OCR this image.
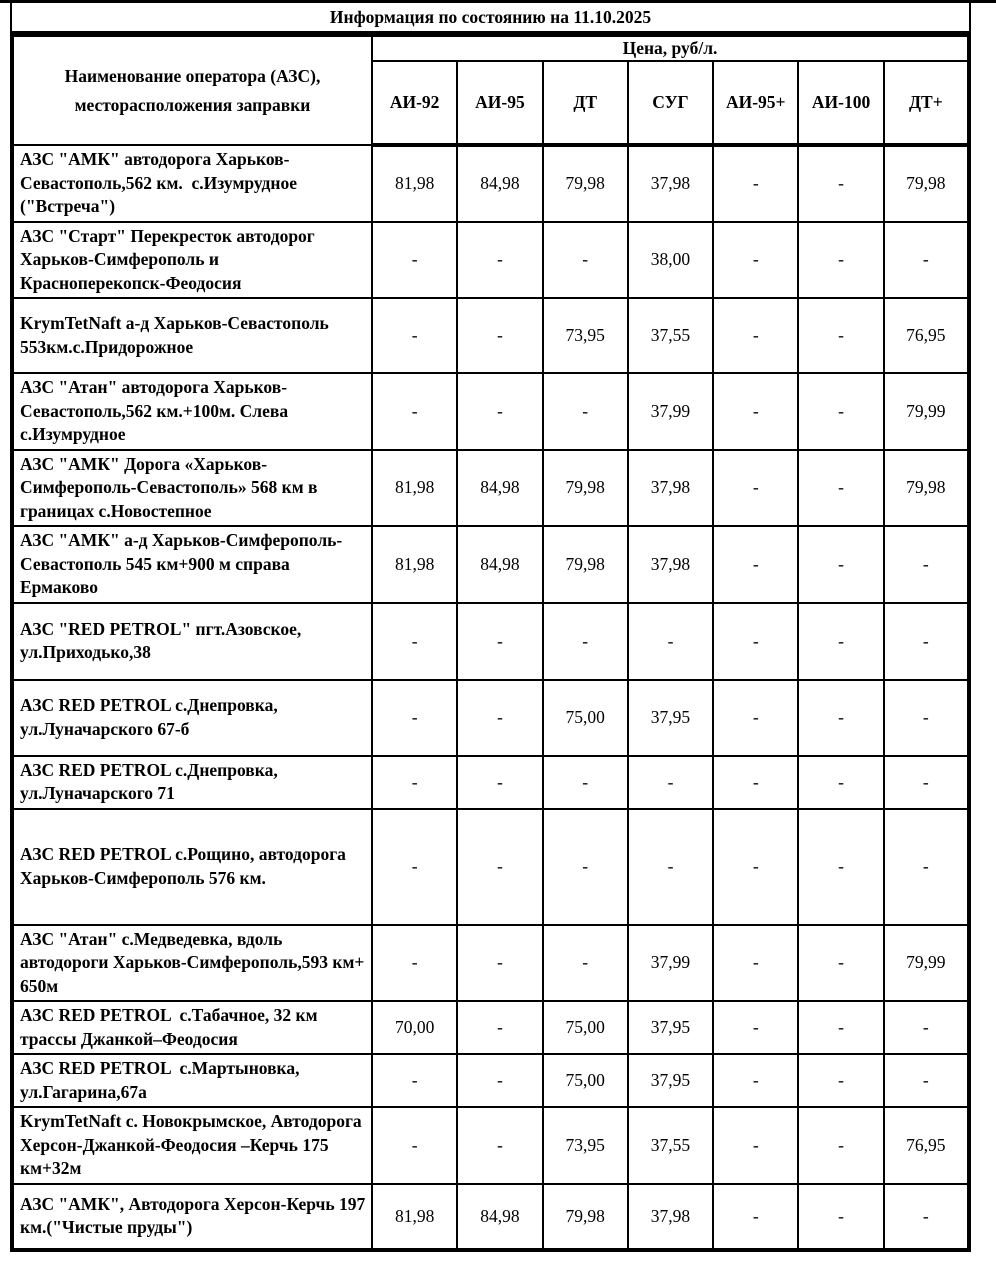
Информация по состоянию на 11.10.2025
Наименование оператора (АЗС), месторасположения заправки	Цена, руб/л.						
	АИ-92	АИ-95	ДТ	СУГ	АИ-95+	АИ-100	ДТ+
АЗС "АМК" автодорога Харьков-Севастополь,562 км.  с.Изумрудное ("Встреча")	81,98	84,98	79,98	37,98	-	-	79,98
АЗС "Старт" Перекресток автодорог Харьков-Симферополь и Красноперекопск-Феодосия	-	-	-	38,00	-	-	-
KrymTetNaft а-д Харьков-Севастополь 553км.с.Придорожное	-	-	73,95	37,55	-	-	76,95
АЗС "Атан" автодорога Харьков-Севастополь,562 км.+100м. Слева с.Изумрудное	-	-	-	37,99	-	-	79,99
АЗС "АМК" Дорога «Харьков-Симферополь-Севастополь» 568 км в границах с.Новостепное	81,98	84,98	79,98	37,98	-	-	79,98
АЗС "АМК" а-д Харьков-Симферополь-Севастополь 545 км+900 м справа Ермаково	81,98	84,98	79,98	37,98	-	-	-
АЗС "RED PETROL" пгт.Азовское, ул.Приходько,38	-	-	-	-	-	-	-
АЗС RED PETROL с.Днепровка, ул.Луначарского 67-б	-	-	75,00	37,95	-	-	-
АЗС RED PETROL с.Днепровка, ул.Луначарского 71	-	-	-	-	-	-	-
АЗС RED PETROL с.Рощино, автодорога Харьков-Симферополь 576 км.	-	-	-	-	-	-	-
АЗС "Атан" с.Медведевка, вдоль автодороги Харьков-Симферополь,593 км+ 650м	-	-	-	37,99	-	-	79,99
АЗС RED PETROL  с.Табачное, 32 км трассы Джанкой–Феодосия	70,00	-	75,00	37,95	-	-	-
АЗС RED PETROL  с.Мартыновка, ул.Гагарина,67а	-	-	75,00	37,95	-	-	-
KrymTetNaft с. Новокрымское, Автодорога Херсон-Джанкой-Феодосия –Керчь 175 км+32м	-	-	73,95	37,55	-	-	76,95
АЗС "АМК", Автодорога Херсон-Керчь 197 км.("Чистые пруды")	81,98	84,98	79,98	37,98	-	-	-
